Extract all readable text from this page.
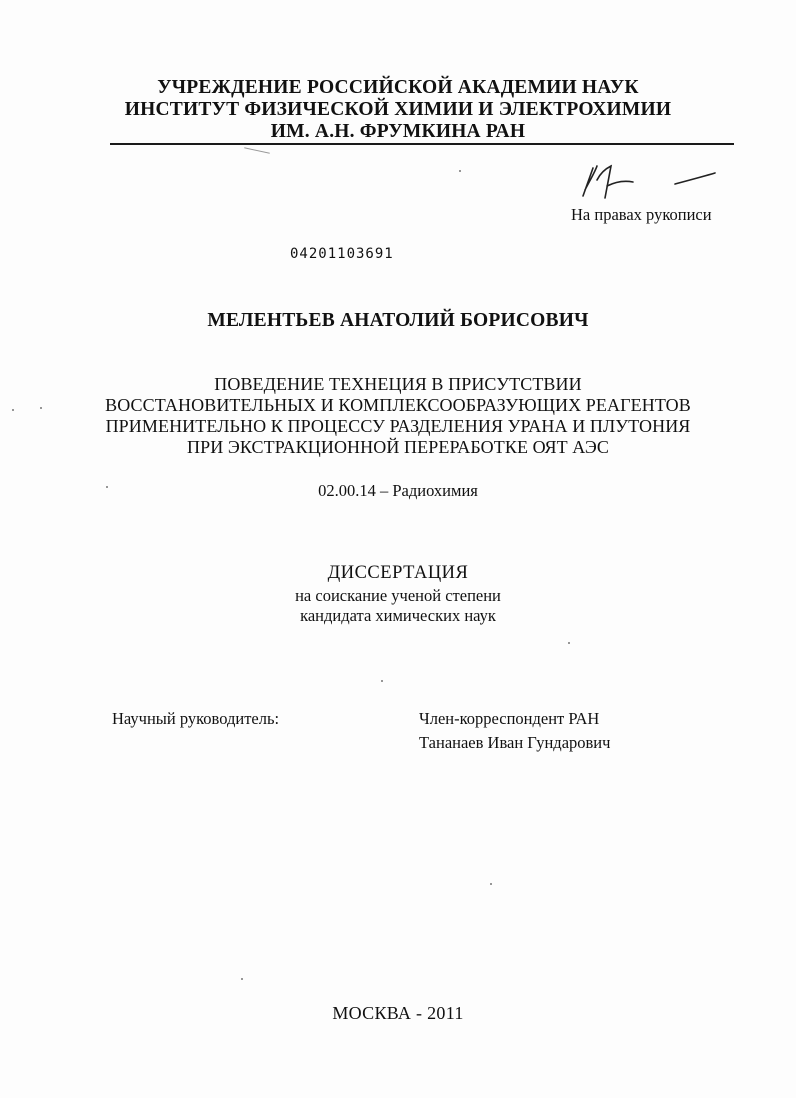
УЧРЕЖДЕНИЕ РОССИЙСКОЙ АКАДЕМИИ НАУК
ИНСТИТУТ ФИЗИЧЕСКОЙ ХИМИИ И ЭЛЕКТРОХИМИИ
ИМ. А.Н. ФРУМКИНА РАН
На правах рукописи
04201103691
МЕЛЕНТЬЕВ АНАТОЛИЙ БОРИСОВИЧ
ПОВЕДЕНИЕ ТЕХНЕЦИЯ В ПРИСУТСТВИИ
ВОССТАНОВИТЕЛЬНЫХ И КОМПЛЕКСООБРАЗУЮЩИХ РЕАГЕНТОВ
ПРИМЕНИТЕЛЬНО К ПРОЦЕССУ РАЗДЕЛЕНИЯ УРАНА И ПЛУТОНИЯ
ПРИ ЭКСТРАКЦИОННОЙ ПЕРЕРАБОТКЕ ОЯТ АЭС
02.00.14 – Радиохимия
ДИССЕРТАЦИЯ
на соискание ученой степени
кандидата химических наук
Научный руководитель:	Член-корреспондент РАН
Тананаев Иван Гундарович
МОСКВА - 2011
